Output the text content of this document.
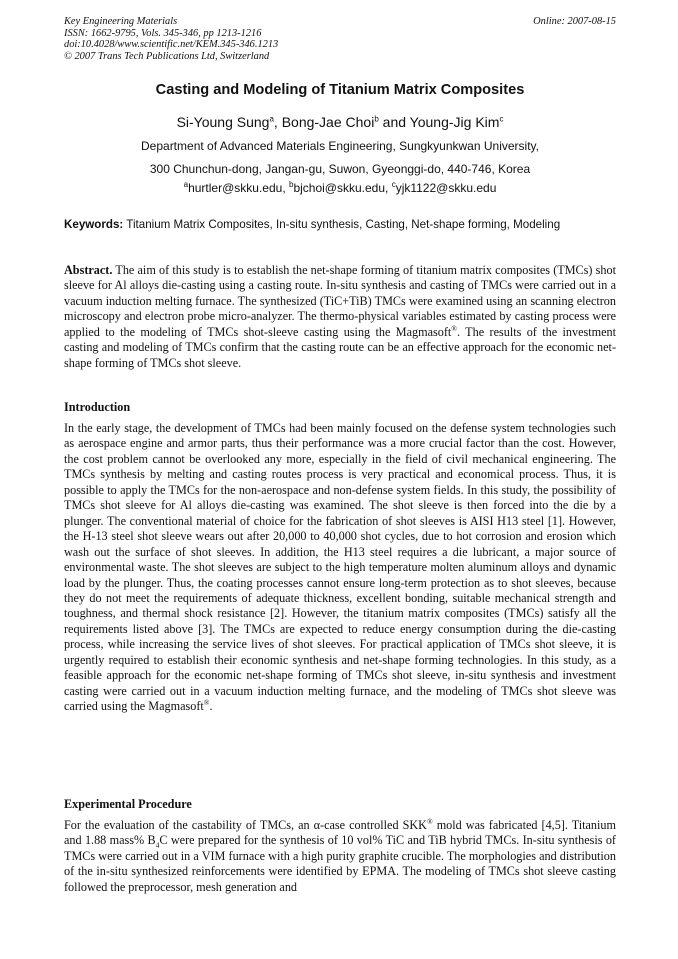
Key Engineering Materials
ISSN: 1662-9795, Vols. 345-346, pp 1213-1216
doi:10.4028/www.scientific.net/KEM.345-346.1213
© 2007 Trans Tech Publications Ltd, Switzerland
Online: 2007-08-15
Casting and Modeling of Titanium Matrix Composites
Si-Young Sung$^a$, Bong-Jae Choi$^b$ and Young-Jig Kim$^c$
Department of Advanced Materials Engineering, Sungkyunkwan University,
300 Chunchun-dong, Jangan-gu, Suwon, Gyeonggi-do, 440-746, Korea
$^a$hurtler@skku.edu, $^b$bjchoi@skku.edu, $^c$yjk1122@skku.edu
Keywords: Titanium Matrix Composites, In-situ synthesis, Casting, Net-shape forming, Modeling
Abstract. The aim of this study is to establish the net-shape forming of titanium matrix composites (TMCs) shot sleeve for Al alloys die-casting using a casting route. In-situ synthesis and casting of TMCs were carried out in a vacuum induction melting furnace. The synthesized (TiC+TiB) TMCs were examined using an scanning electron microscopy and electron probe micro-analyzer. The thermo-physical variables estimated by casting process were applied to the modeling of TMCs shot-sleeve casting using the Magmasoft®. The results of the investment casting and modeling of TMCs confirm that the casting route can be an effective approach for the economic net-shape forming of TMCs shot sleeve.
Introduction
In the early stage, the development of TMCs had been mainly focused on the defense system technologies such as aerospace engine and armor parts, thus their performance was a more crucial factor than the cost. However, the cost problem cannot be overlooked any more, especially in the field of civil mechanical engineering. The TMCs synthesis by melting and casting routes process is very practical and economical process. Thus, it is possible to apply the TMCs for the non-aerospace and non-defense system fields. In this study, the possibility of TMCs shot sleeve for Al alloys die-casting was examined. The shot sleeve is then forced into the die by a plunger. The conventional material of choice for the fabrication of shot sleeves is AISI H13 steel [1]. However, the H-13 steel shot sleeve wears out after 20,000 to 40,000 shot cycles, due to hot corrosion and erosion which wash out the surface of shot sleeves. In addition, the H13 steel requires a die lubricant, a major source of environmental waste. The shot sleeves are subject to the high temperature molten aluminum alloys and dynamic load by the plunger. Thus, the coating processes cannot ensure long-term protection as to shot sleeves, because they do not meet the requirements of adequate thickness, excellent bonding, suitable mechanical strength and toughness, and thermal shock resistance [2]. However, the titanium matrix composites (TMCs) satisfy all the requirements listed above [3]. The TMCs are expected to reduce energy consumption during the die-casting process, while increasing the service lives of shot sleeves. For practical application of TMCs shot sleeve, it is urgently required to establish their economic synthesis and net-shape forming technologies. In this study, as a feasible approach for the economic net-shape forming of TMCs shot sleeve, in-situ synthesis and investment casting were carried out in a vacuum induction melting furnace, and the modeling of TMCs shot sleeve was carried using the Magmasoft®.
Experimental Procedure
For the evaluation of the castability of TMCs, an α-case controlled SKK® mold was fabricated [4,5]. Titanium and 1.88 mass% $B_4C$ were prepared for the synthesis of 10 vol% TiC and TiB hybrid TMCs. In-situ synthesis of TMCs were carried out in a VIM furnace with a high purity graphite crucible. The morphologies and distribution of the in-situ synthesized reinforcements were identified by EPMA. The modeling of TMCs shot sleeve casting followed the preprocessor, mesh generation and
